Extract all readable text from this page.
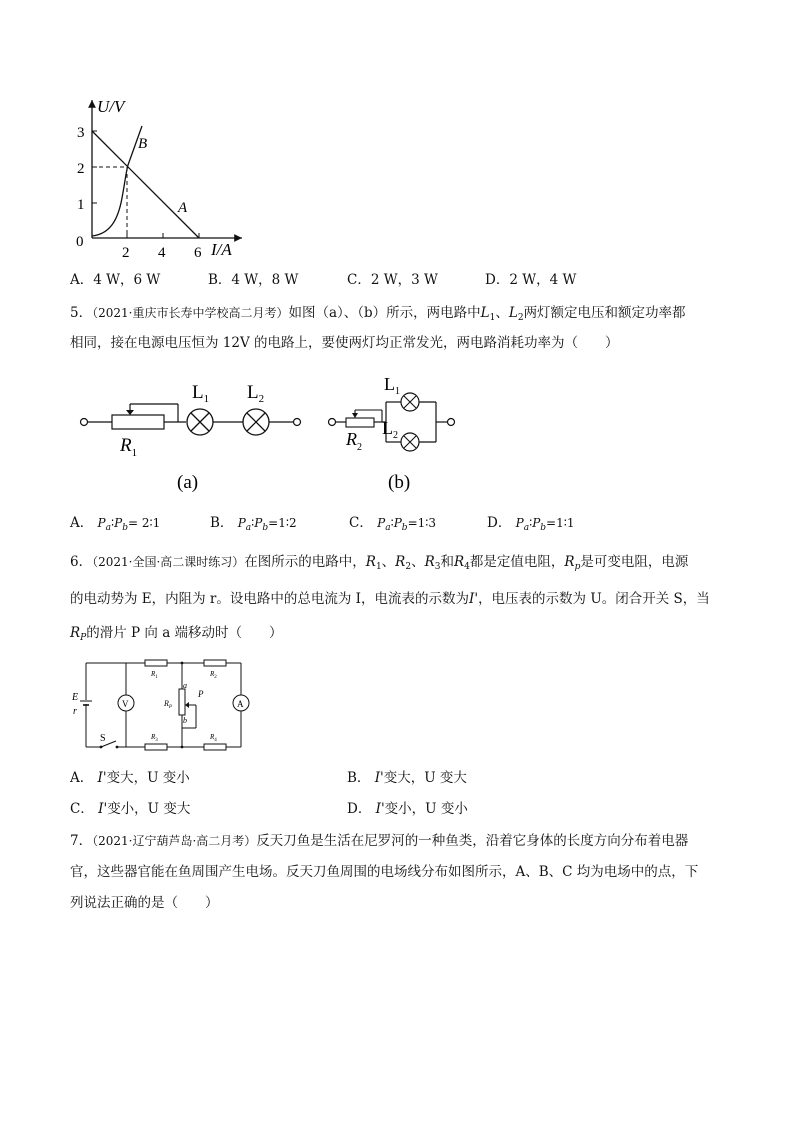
U/V
I/A
0
1
2
3
2 4 6
B
A
A．4 W，6 W	B．4 W，8 W	C．2 W，3 W	D．2 W，4 W
5．（2021·重庆市长寿中学校高二月考）如图（a）、（b）所示，两电路中$L_1$、$L_2$两灯额定电压和额定功率都
相同，接在电源电压恒为 12V 的电路上，要使两灯均正常发光，两电路消耗功率为（　　）
$L_1$ $L_2$
$R_1$
(a)
$L_1$
$L_2$
$R_2$
(b)
A． $P_a∶P_b=$ 2∶1	B． $P_a∶P_b=1∶2$	C． $P_a∶P_b=1∶3$	D． $P_a∶P_b=1∶1$
6．（2021·全国·高二课时练习）在图所示的电路中，$R_1$、$R_2$、$R_3$和$R_4$都是定值电阻，$R_p$是可变电阻，电源
的电动势为 E，内阻为 r。设电路中的总电流为 I，电流表的示数为I'，电压表的示数为 U。闭合开关 S，当
$R_P$的滑片 P 向 a 端移动时（　　）
E
r
S
V
$R_1$	$R_2$
$R_3$	$R_4$
a
b
P
$R_P$	A
A． I'变大，U 变小	B． I'变大，U 变大
C． I'变小，U 变大	D． I'变小，U 变小
7．（2021·辽宁葫芦岛·高二月考）反天刀鱼是生活在尼罗河的一种鱼类，沿着它身体的长度方向分布着电器
官，这些器官能在鱼周围产生电场。反天刀鱼周围的电场线分布如图所示，A、B、C 均为电场中的点，下
列说法正确的是（　　）
